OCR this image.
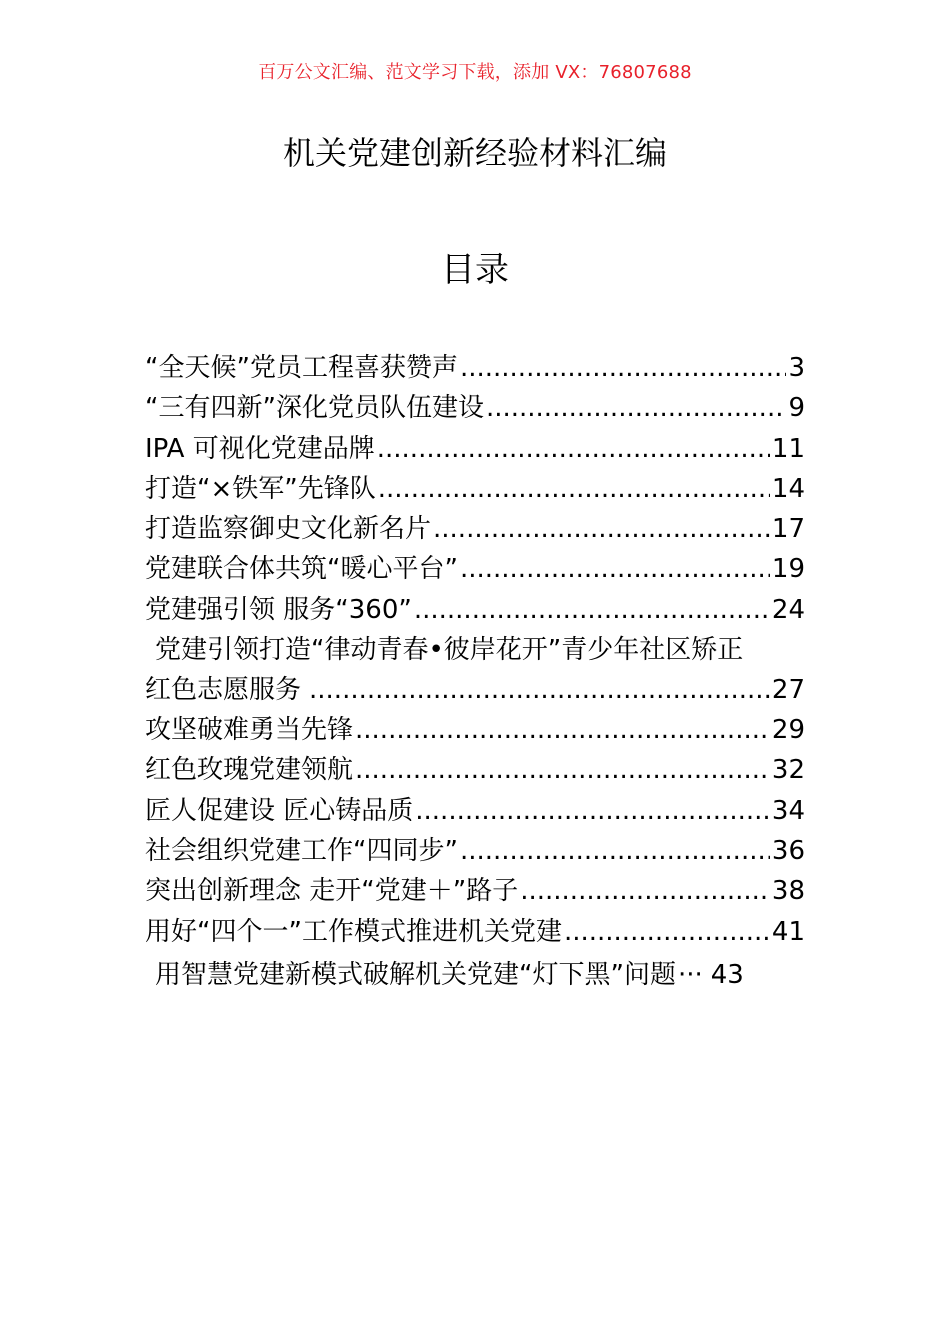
百万公文汇编、范文学习下载，添加 VX：76807688
机关党建创新经验材料汇编
目录
“全天候”党员工程喜获赞声 .....	3
“三有四新”深化党员队伍建设 .....	9
IPA 可视化党建品牌 .....	11
打造“×铁军”先锋队 .....	14
打造监察御史文化新名片 .....	17
党建联合体共筑“暖心平台” .....	19
党建强引领 服务“360” .....	24
党建引领打造“律动青春•彼岸花开”青少年社区矫正
红色志愿服务 .....	27
攻坚破难勇当先锋 .....	29
红色玫瑰党建领航 .....	32
匠人促建设 匠心铸品质 .....	34
社会组织党建工作“四同步” .....	36
突出创新理念 走开“党建＋”路子 .....	38
用好“四个一”工作模式推进机关党建 .....	41
用智慧党建新模式破解机关党建“灯下黑”问题 ··· 43
